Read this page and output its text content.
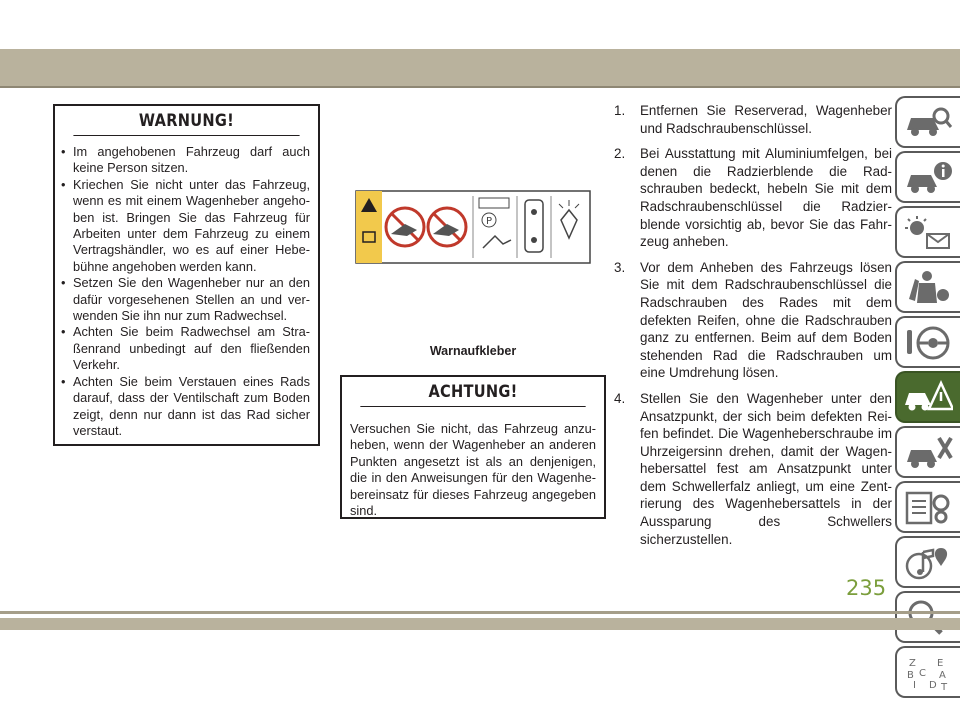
WARNUNG!
• Im angehobenen Fahrzeug darf auch keine Person sitzen.
• Kriechen Sie nicht unter das Fahrzeug, wenn es mit einem Wagenheber angehoben ist. Bringen Sie das Fahrzeug für Arbeiten unter dem Fahrzeug zu einem Vertragshändler, wo es auf einer Hebebühne angehoben werden kann.
• Setzen Sie den Wagenheber nur an den dafür vorgesehenen Stellen an und verwenden Sie ihn nur zum Radwechsel.
• Achten Sie beim Radwechsel am Straßenrand unbedingt auf den fließenden Verkehr.
• Achten Sie beim Verstauen eines Rads darauf, dass der Ventilschaft zum Boden zeigt, denn nur dann ist das Rad sicher verstaut.
P
Warnaufkleber
ACHTUNG!
Versuchen Sie nicht, das Fahrzeug anzuheben, wenn der Wagenheber an anderen Punkten angesetzt ist als an denjenigen, die in den Anweisungen für den Wagenhebereinsatz für dieses Fahrzeug angegeben sind.
1. Entfernen Sie Reserverad, Wagenheber und Radschraubenschlüssel.
2. Bei Ausstattung mit Aluminiumfelgen, bei denen die Radzierblende die Radschrauben bedeckt, hebeln Sie mit dem Radschraubenschlüssel die Radzierblende vorsichtig ab, bevor Sie das Fahrzeug anheben.
3. Vor dem Anheben des Fahrzeugs lösen Sie mit dem Radschraubenschlüssel die Radschrauben des Rades mit dem defekten Reifen, ohne die Radschrauben ganz zu entfernen. Beim auf dem Boden stehenden Rad die Radschrauben um eine Umdrehung lösen.
4. Stellen Sie den Wagenheber unter den Ansatzpunkt, der sich beim defekten Reifen befindet. Die Wagenheberschraube im Uhrzeigersinn drehen, damit der Wagenhebersattel fest am Ansatzpunkt unter dem Schwellerfalz anliegt, um eine Zentrierung des Wagenhebersattels in der Aussparung des Schwellers sicherzustellen.
Z E
B	A
C
D
I	T
235
